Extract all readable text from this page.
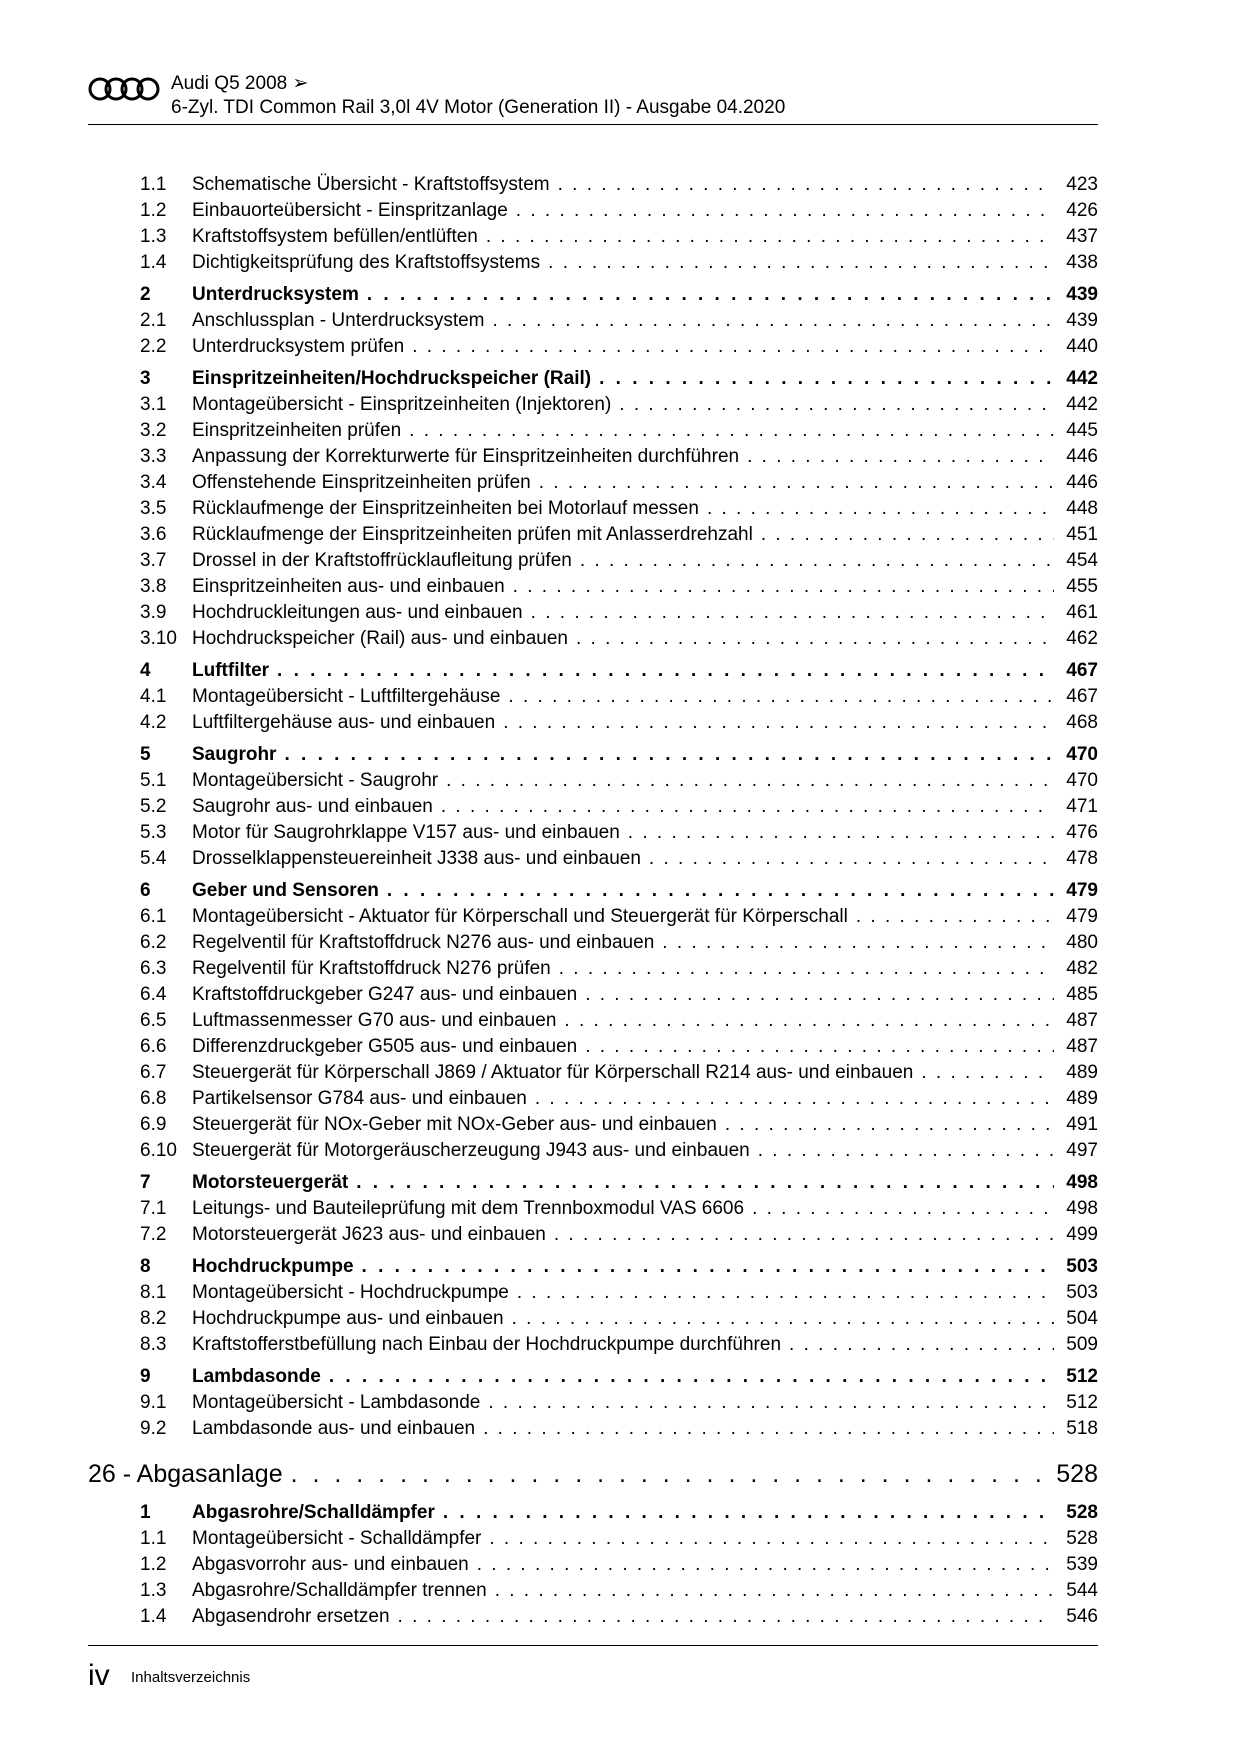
Audi Q5 2008 ➢
6-Zyl. TDI Common Rail 3,0l 4V Motor (Generation II) - Ausgabe 04.2020
1.1	Schematische Übersicht - Kraftstoffsystem . . .	423
1.2	Einbauorteübersicht - Einspritzanlage . . .	426
1.3	Kraftstoffsystem befüllen/entlüften . . .	437
1.4	Dichtigkeitsprüfung des Kraftstoffsystems . . .	438
2	Unterdrucksystem . . .	439
2.1	Anschlussplan - Unterdrucksystem . . .	439
2.2	Unterdrucksystem prüfen . . .	440
3	Einspritzeinheiten/Hochdruckspeicher (Rail) . . .	442
3.1	Montageübersicht - Einspritzeinheiten (Injektoren) . . .	442
3.2	Einspritzeinheiten prüfen . . .	445
3.3	Anpassung der Korrekturwerte für Einspritzeinheiten durchführen . . .	446
3.4	Offenstehende Einspritzeinheiten prüfen . . .	446
3.5	Rücklaufmenge der Einspritzeinheiten bei Motorlauf messen . . .	448
3.6	Rücklaufmenge der Einspritzeinheiten prüfen mit Anlasserdrehzahl . . .	451
3.7	Drossel in der Kraftstoffrücklaufleitung prüfen . . .	454
3.8	Einspritzeinheiten aus- und einbauen . . .	455
3.9	Hochdruckleitungen aus- und einbauen . . .	461
3.10 Hochdruckspeicher (Rail) aus- und einbauen . . .	462
4	Luftfilter . . .	467
4.1	Montageübersicht - Luftfiltergehäuse . . .	467
4.2	Luftfiltergehäuse aus- und einbauen . . .	468
5	Saugrohr . . .	470
5.1	Montageübersicht - Saugrohr . . .	470
5.2	Saugrohr aus- und einbauen . . .	471
5.3	Motor für Saugrohrklappe V157 aus- und einbauen . . .	476
5.4	Drosselklappensteuereinheit J338 aus- und einbauen . . .	478
6	Geber und Sensoren . . .	479
6.1	Montageübersicht - Aktuator für Körperschall und Steuergerät für Körperschall . . .	479
6.2	Regelventil für Kraftstoffdruck N276 aus- und einbauen . . .	480
6.3	Regelventil für Kraftstoffdruck N276 prüfen . . .	482
6.4	Kraftstoffdruckgeber G247 aus- und einbauen . . .	485
6.5	Luftmassenmesser G70 aus- und einbauen . . .	487
6.6	Differenzdruckgeber G505 aus- und einbauen . . .	487
6.7	Steuergerät für Körperschall J869 / Aktuator für Körperschall R214 aus- und einbauen . . .	489
6.8	Partikelsensor G784 aus- und einbauen . . .	489
6.9	Steuergerät für NOx-Geber mit NOx-Geber aus- und einbauen . . .	491
6.10 Steuergerät für Motorgeräuscherzeugung J943 aus- und einbauen . . .	497
7	Motorsteuergerät . . .	498
7.1	Leitungs- und Bauteileprüfung mit dem Trennboxmodul VAS 6606 . . .	498
7.2	Motorsteuergerät J623 aus- und einbauen . . .	499
8	Hochdruckpumpe . . .	503
8.1	Montageübersicht - Hochdruckpumpe . . .	503
8.2	Hochdruckpumpe aus- und einbauen . . .	504
8.3	Kraftstofferstbefüllung nach Einbau der Hochdruckpumpe durchführen . . .	509
9	Lambdasonde . . .	512
9.1	Montageübersicht - Lambdasonde . . .	512
9.2	Lambdasonde aus- und einbauen . . .	518
26 - Abgasanlage . . .	528
1	Abgasrohre/Schalldämpfer . . .	528
1.1	Montageübersicht - Schalldämpfer . . .	528
1.2	Abgasvorrohr aus- und einbauen . . .	539
1.3	Abgasrohre/Schalldämpfer trennen . . .	544
1.4	Abgasendrohr ersetzen . . .	546
iv Inhaltsverzeichnis
